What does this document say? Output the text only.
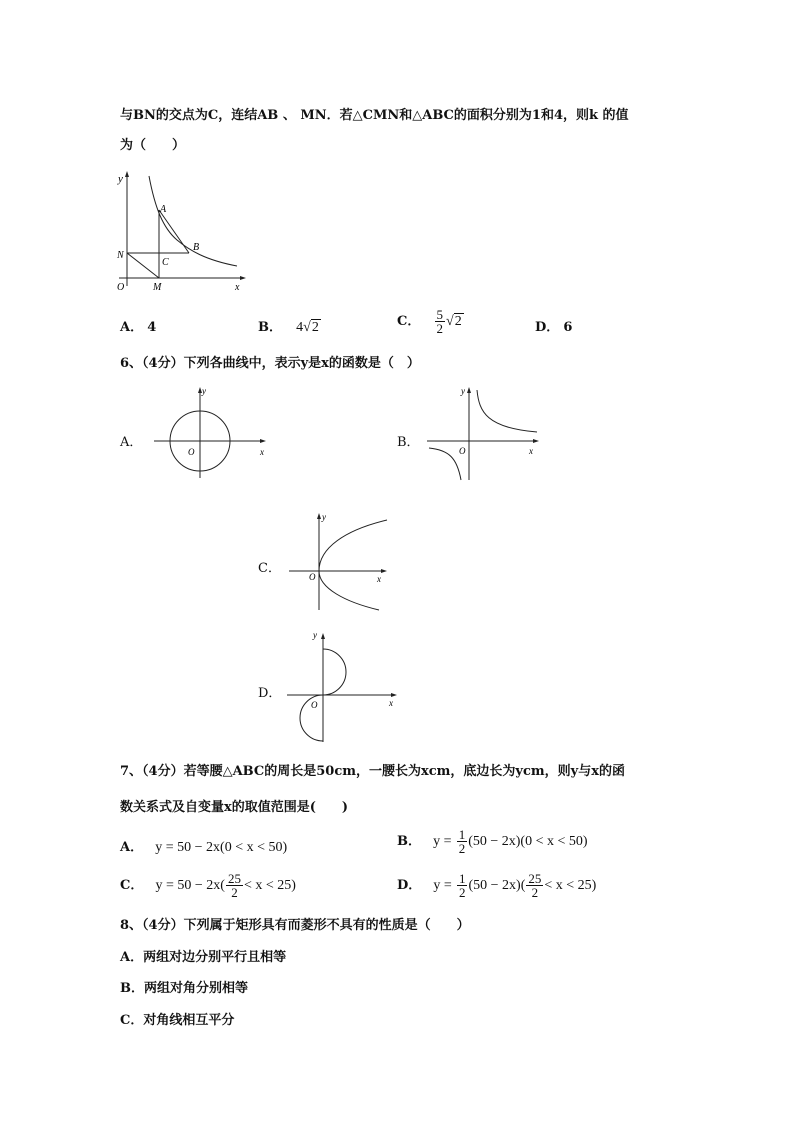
与BN的交点为C，连结AB 、 MN．若△CMN和△ABC的面积分别为1和4，则k 的值
为（　　）
y
A
B
N
C
O	M	x
A． 4	B． 4√2	C． $\frac{5}{2} √2$	D． 6
6、（4分）下列各曲线中，表示y是x的函数是（　）
A．
y
x
O
B．
y
x
O
C．
y
x
O
D．
y
x
O
7、（4分）若等腰△ABC的周长是50cm，一腰长为xcm，底边长为ycm，则y与x的函
数关系式及自变量x的取值范围是(　　)
A． y = 50 − 2x(0 < x < 50)	B． $y = \frac{1}{2} (50 - 2x)(0 < x < 50)$
C． $y = 50 - 2x( \frac{25}{2} < x < 25)$	D． $y = \frac{1}{2} (50 - 2x)( \frac{25}{2} < x < 25)$
8、（4分）下列属于矩形具有而菱形不具有的性质是（　　）
A．两组对边分别平行且相等
B．两组对角分别相等
C．对角线相互平分
